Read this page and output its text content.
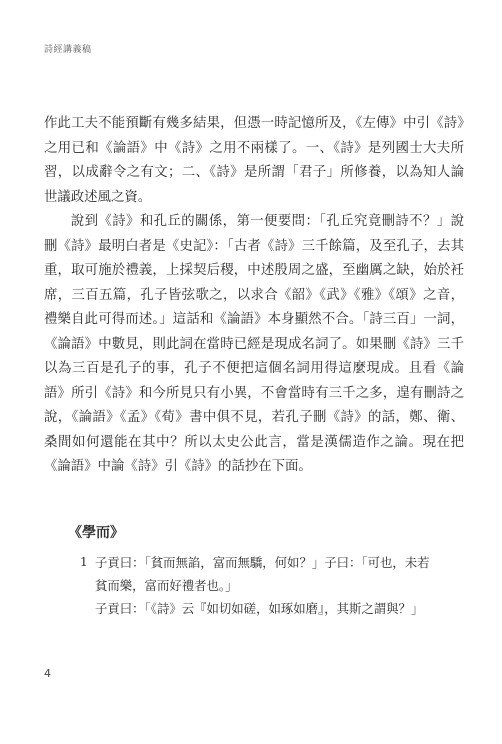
詩經講義稿

作此工夫不能預斷有幾多結果，但憑一時記憶所及，《左傳》中引《詩》之用已和《論語》中《詩》之用不兩樣了。一、《詩》是列國士大夫所習，以成辭令之有文；二、《詩》是所謂「君子」所修養，以為知人論世議政述風之資。

說到《詩》和孔丘的關係，第一便要問：「孔丘究竟刪詩不？」說刪《詩》最明白者是《史記》：「古者《詩》三千餘篇，及至孔子，去其重，取可施於禮義，上採契后稷，中述殷周之盛，至幽厲之缺，始於衽席，三百五篇，孔子皆弦歌之，以求合《韶》《武》《雅》《頌》之音，禮樂自此可得而述。」這話和《論語》本身顯然不合。「詩三百」一詞，《論語》中數見，則此詞在當時已經是現成名詞了。如果刪《詩》三千以為三百是孔子的事，孔子不便把這個名詞用得這麼現成。且看《論語》所引《詩》和今所見只有小異，不會當時有三千之多，遑有刪詩之說，《論語》《孟》《荀》書中俱不見，若孔子刪《詩》的話，鄭、衛、桑間如何還能在其中？所以太史公此言，當是漢儒造作之論。現在把《論語》中論《詩》引《詩》的話抄在下面。

《學而》
1 子貢曰：「貧而無諂，富而無驕，何如？」子曰：「可也，未若貧而樂，富而好禮者也。」
子貢曰：「《詩》云『如切如磋，如琢如磨』，其斯之謂與？」
4
